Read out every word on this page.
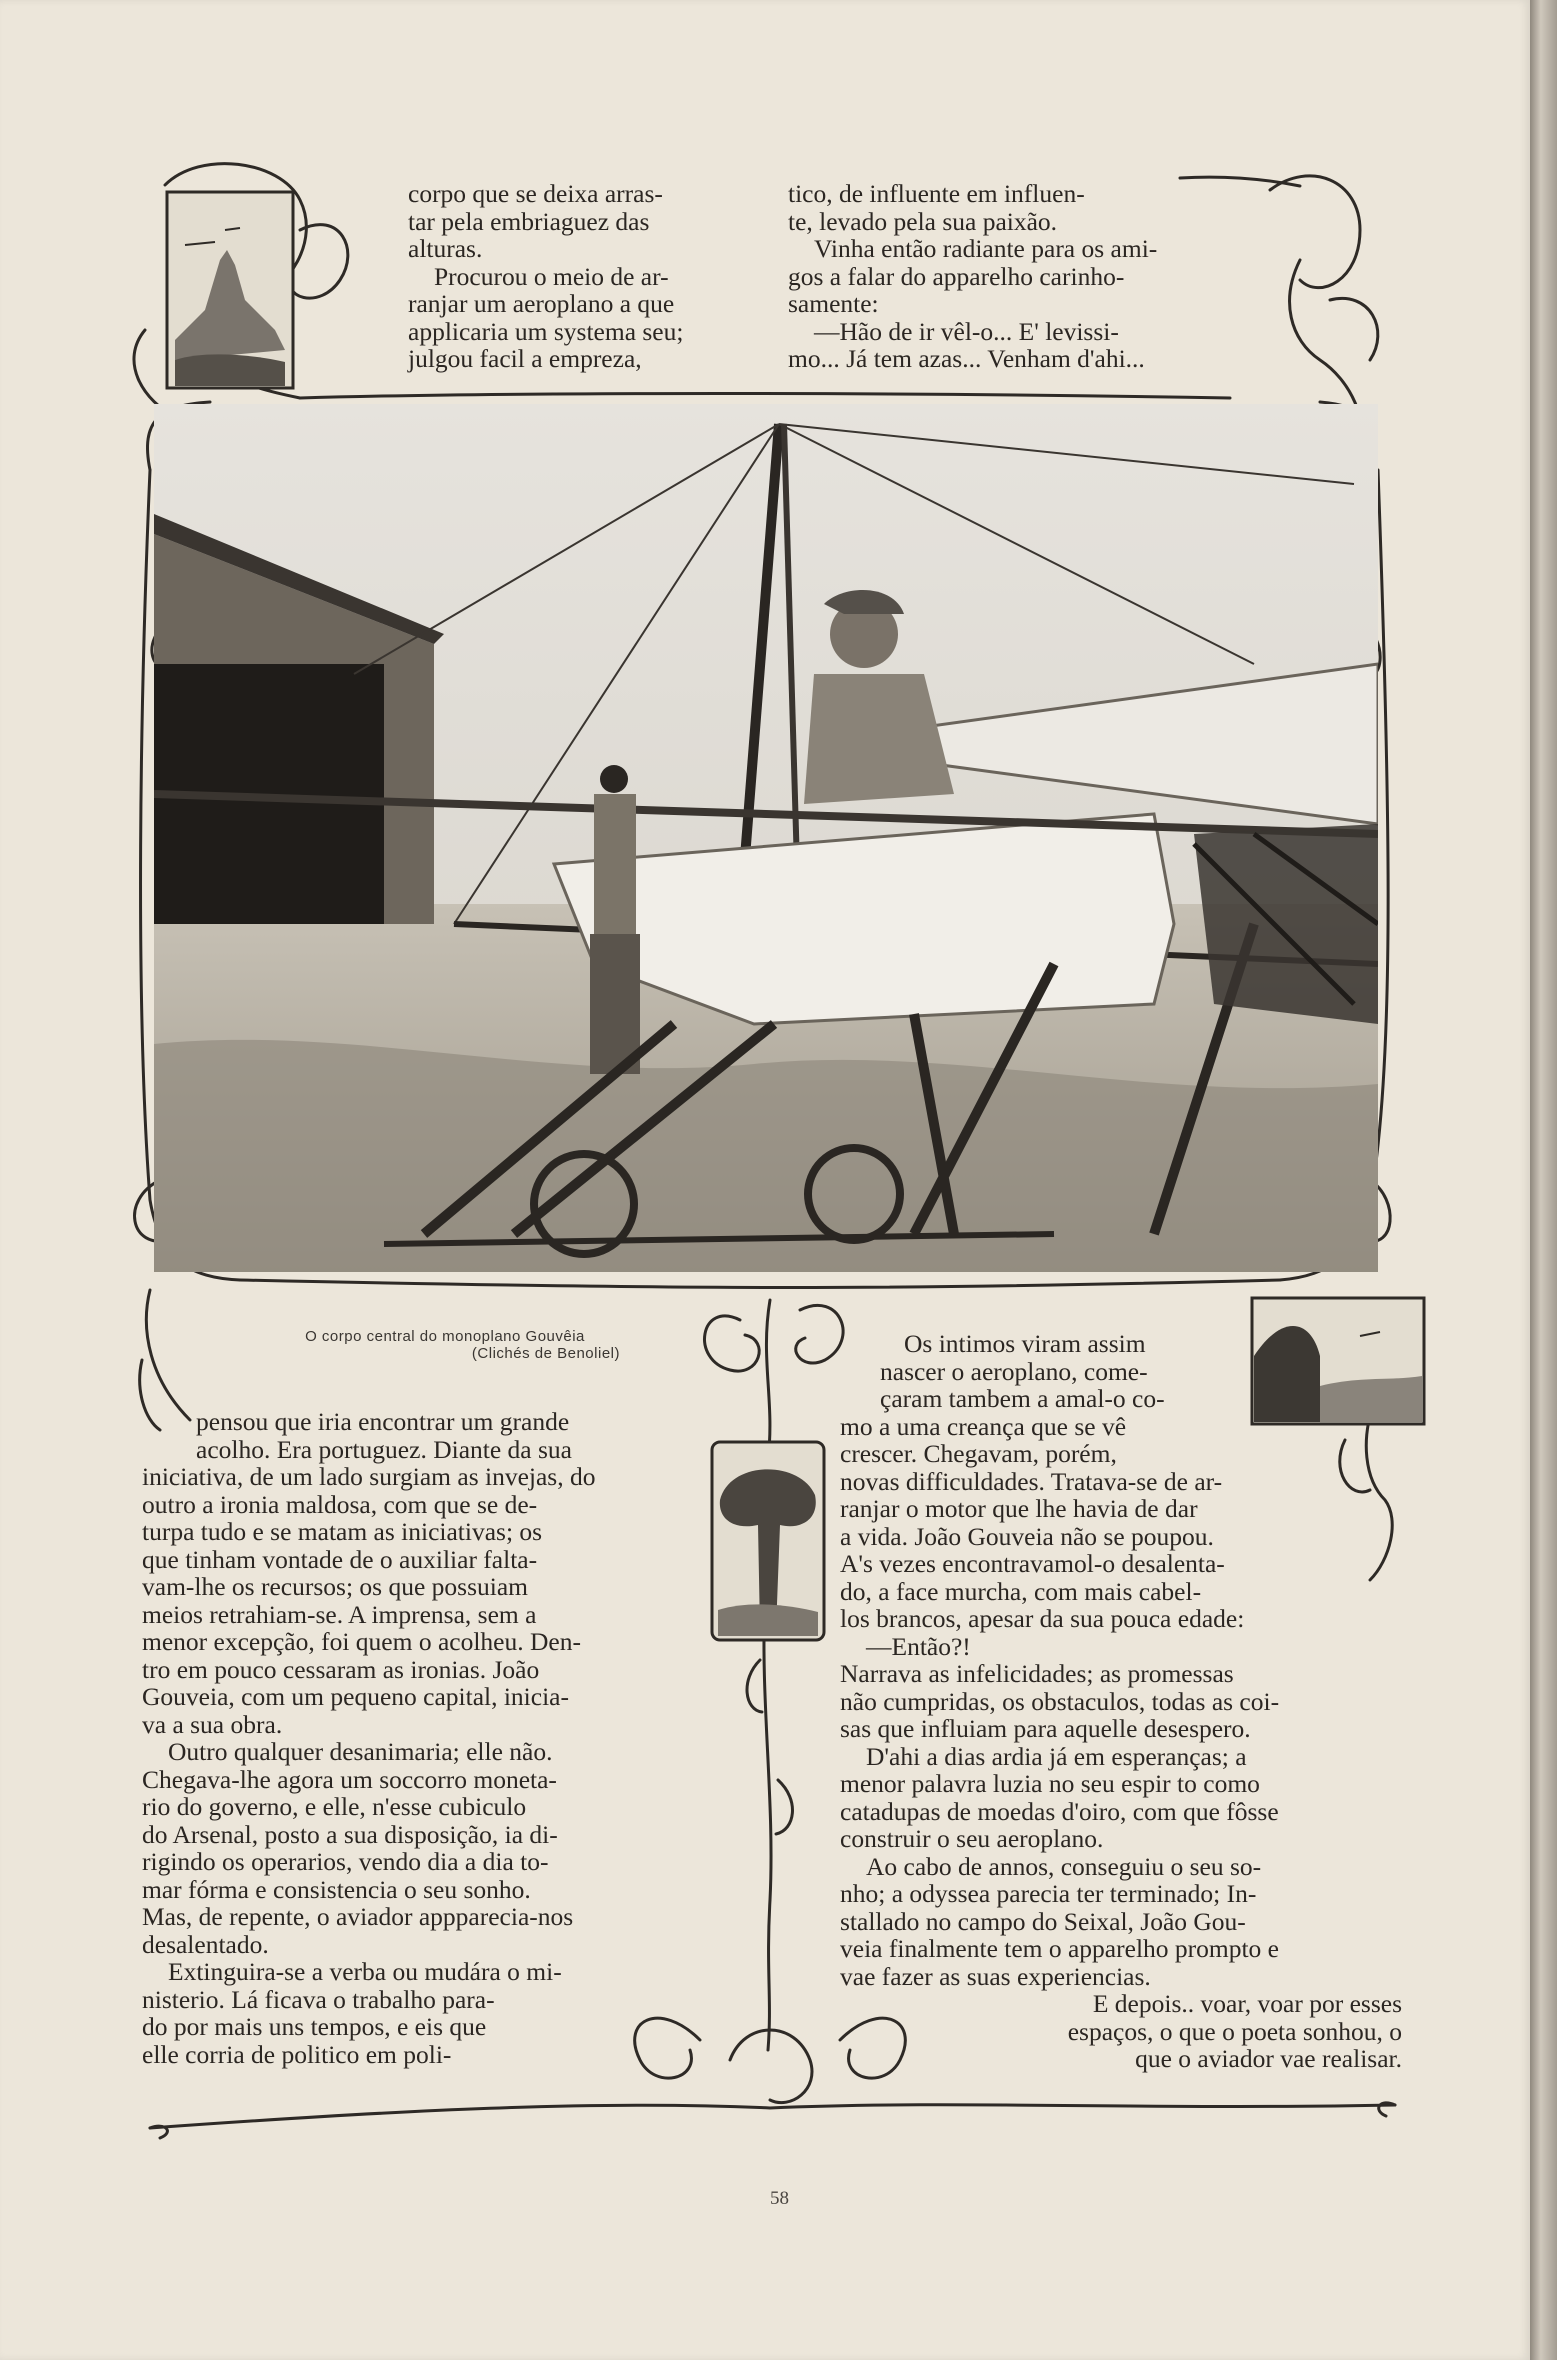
corpo que se deixa arras-
tar pela embriaguez das
alturas.
Procurou o meio de ar-
ranjar um aeroplano a que
applicaria um systema seu;
julgou facil a empreza,
tico, de influente em influen-
te, levado pela sua paixão.
Vinha então radiante para os ami-
gos a falar do apparelho carinho-
samente:
—Hão de ir vêl-o... E' levissi-
mo... Já tem azas... Venham d'ahi...
O corpo central do monoplano Gouvêia
(Clichés de Benoliel)
pensou que iria encontrar um grande
acolho. Era portuguez. Diante da sua
iniciativa, de um lado surgiam as invejas, do
outro a ironia maldosa, com que se de-
turpa tudo e se matam as iniciativas; os
que tinham vontade de o auxiliar falta-
vam-lhe os recursos; os que possuiam
meios retrahiam-se. A imprensa, sem a
menor excepção, foi quem o acolheu. Den-
tro em pouco cessaram as ironias. João
Gouveia, com um pequeno capital, inicia-
va a sua obra.
Outro qualquer desanimaria; elle não.
Chegava-lhe agora um soccorro moneta-
rio do governo, e elle, n'esse cubiculo
do Arsenal, posto a sua disposição, ia di-
rigindo os operarios, vendo dia a dia to-
mar fórma e consistencia o seu sonho.
Mas, de repente, o aviador appparecia-nos
desalentado.
Extinguira-se a verba ou mudára o mi-
nisterio. Lá ficava o trabalho para-
do por mais uns tempos, e eis que
elle corria de politico em poli-
Os intimos viram assim
nascer o aeroplano, come-
çaram tambem a amal-o co-
mo a uma creança que se vê
crescer. Chegavam, porém,
novas difficuldades. Tratava-se de ar-
ranjar o motor que lhe havia de dar
a vida. João Gouveia não se poupou.
A's vezes encontravamol-o desalentа-
do, a face murcha, com mais cabel-
los brancos, apesar da sua pouca edade:
—Então?!
Narrava as infelicidades; as promessas
não cumpridas, os obstaculos, todas as coi-
sas que influiam para aquelle desespero.
D'ahi a dias ardia já em esperanças; a
menor palavra luzia no seu espir to como
catadupas de moedas d'oiro, com que fôsse
construir o seu aeroplano.
Ao cabo de annos, conseguiu o seu so-
nho; a odyssea parecia ter terminado; In-
stallado no campo do Seixal, João Gou-
veia finalmente tem o apparelho prompto e
vae fazer as suas experiencias.
E depois.. voar, voar por esses
espaços, o que o poeta sonhou, o
que o aviador vae realisar.
58
